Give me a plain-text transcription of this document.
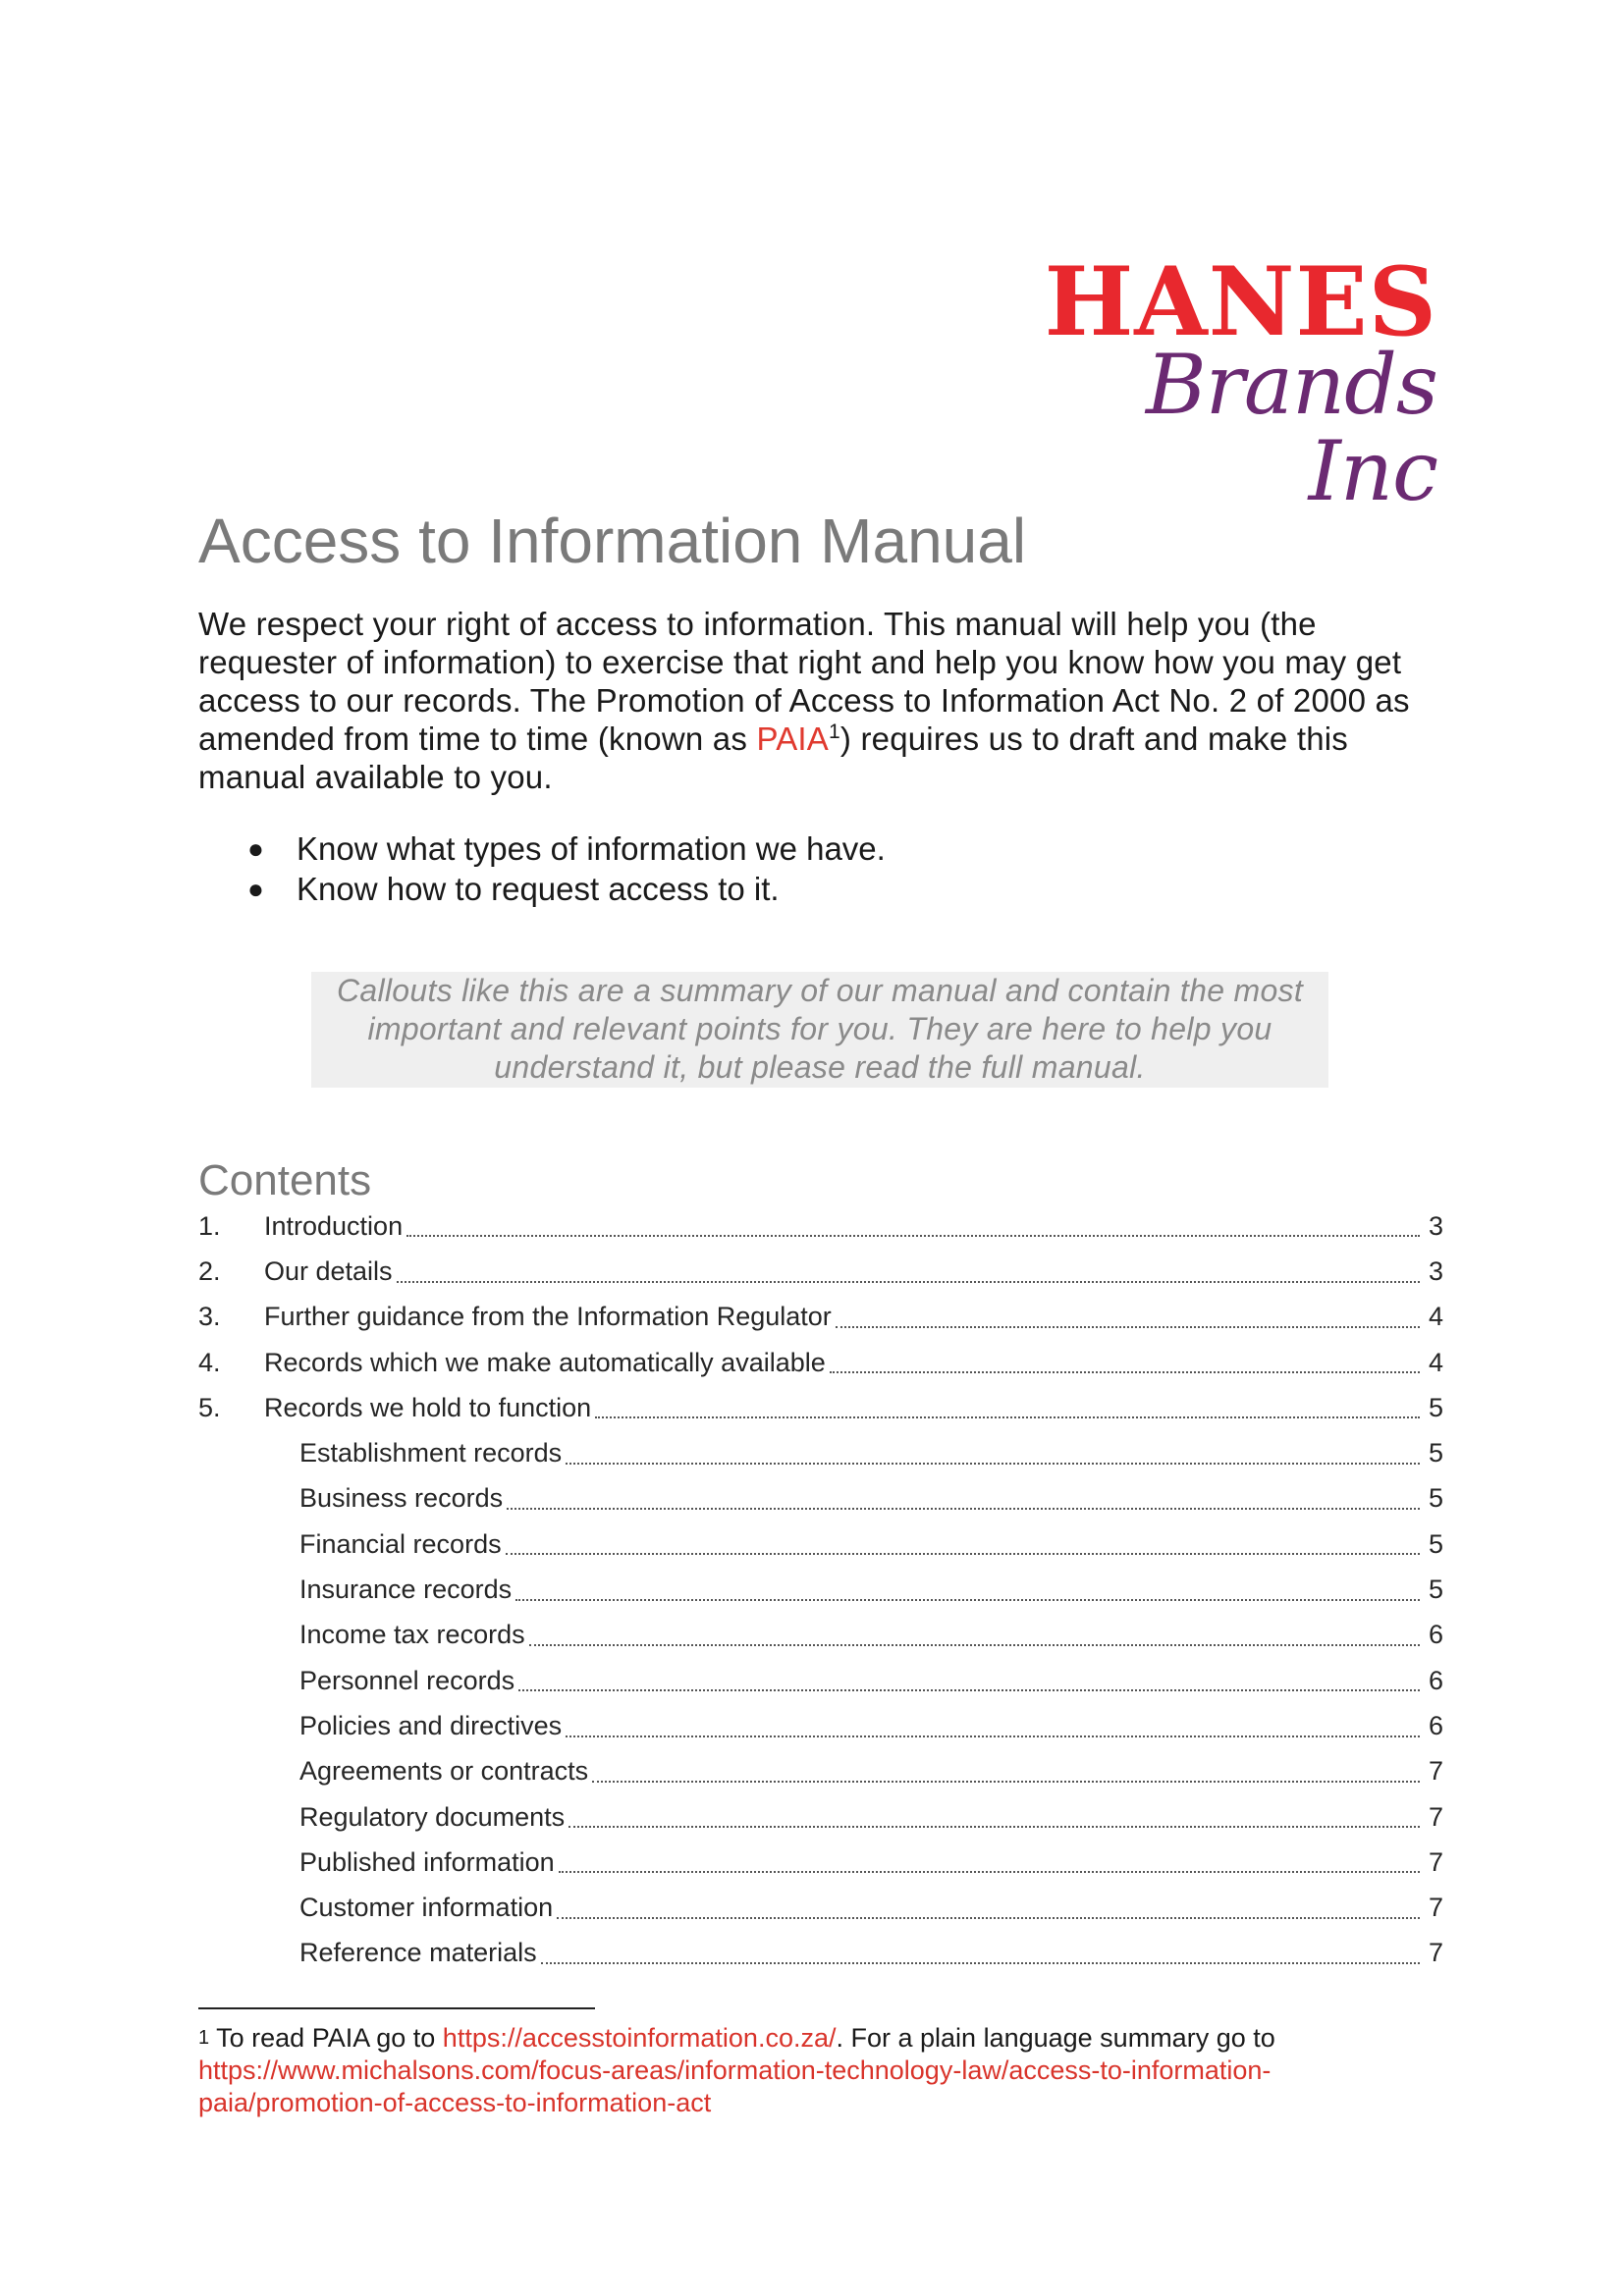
HANES
Brands Inc
Access to Information Manual

We respect your right of access to information. This manual will help you (the requester of information) to exercise that right and help you know how you may get access to our records. The Promotion of Access to Information Act No. 2 of 2000 as amended from time to time (known as PAIA$^1$) requires us to draft and make this manual available to you.

● Know what types of information we have.
● Know how to request access to it.
Callouts like this are a summary of our manual and contain the most
important and relevant points for you. They are here to help you
understand it, but please read the full manual.
Contents
1.	Introduction	3
2.	Our details	3
3.	Further guidance from the Information Regulator	4
4.	Records which we make automatically available	4
5.	Records we hold to function	5
Establishment records	5
Business records	5
Financial records	5
Insurance records	5
Income tax records	6
Personnel records	6
Policies and directives	6
Agreements or contracts	7
Regulatory documents	7
Published information	7
Customer information	7
Reference materials	7

$^1$ To read PAIA go to https://accesstoinformation.co.za/. For a plain language summary go to https://www.michalsons.com/focus-areas/information-technology-law/access-to-information-paia/promotion-of-access-to-information-act
